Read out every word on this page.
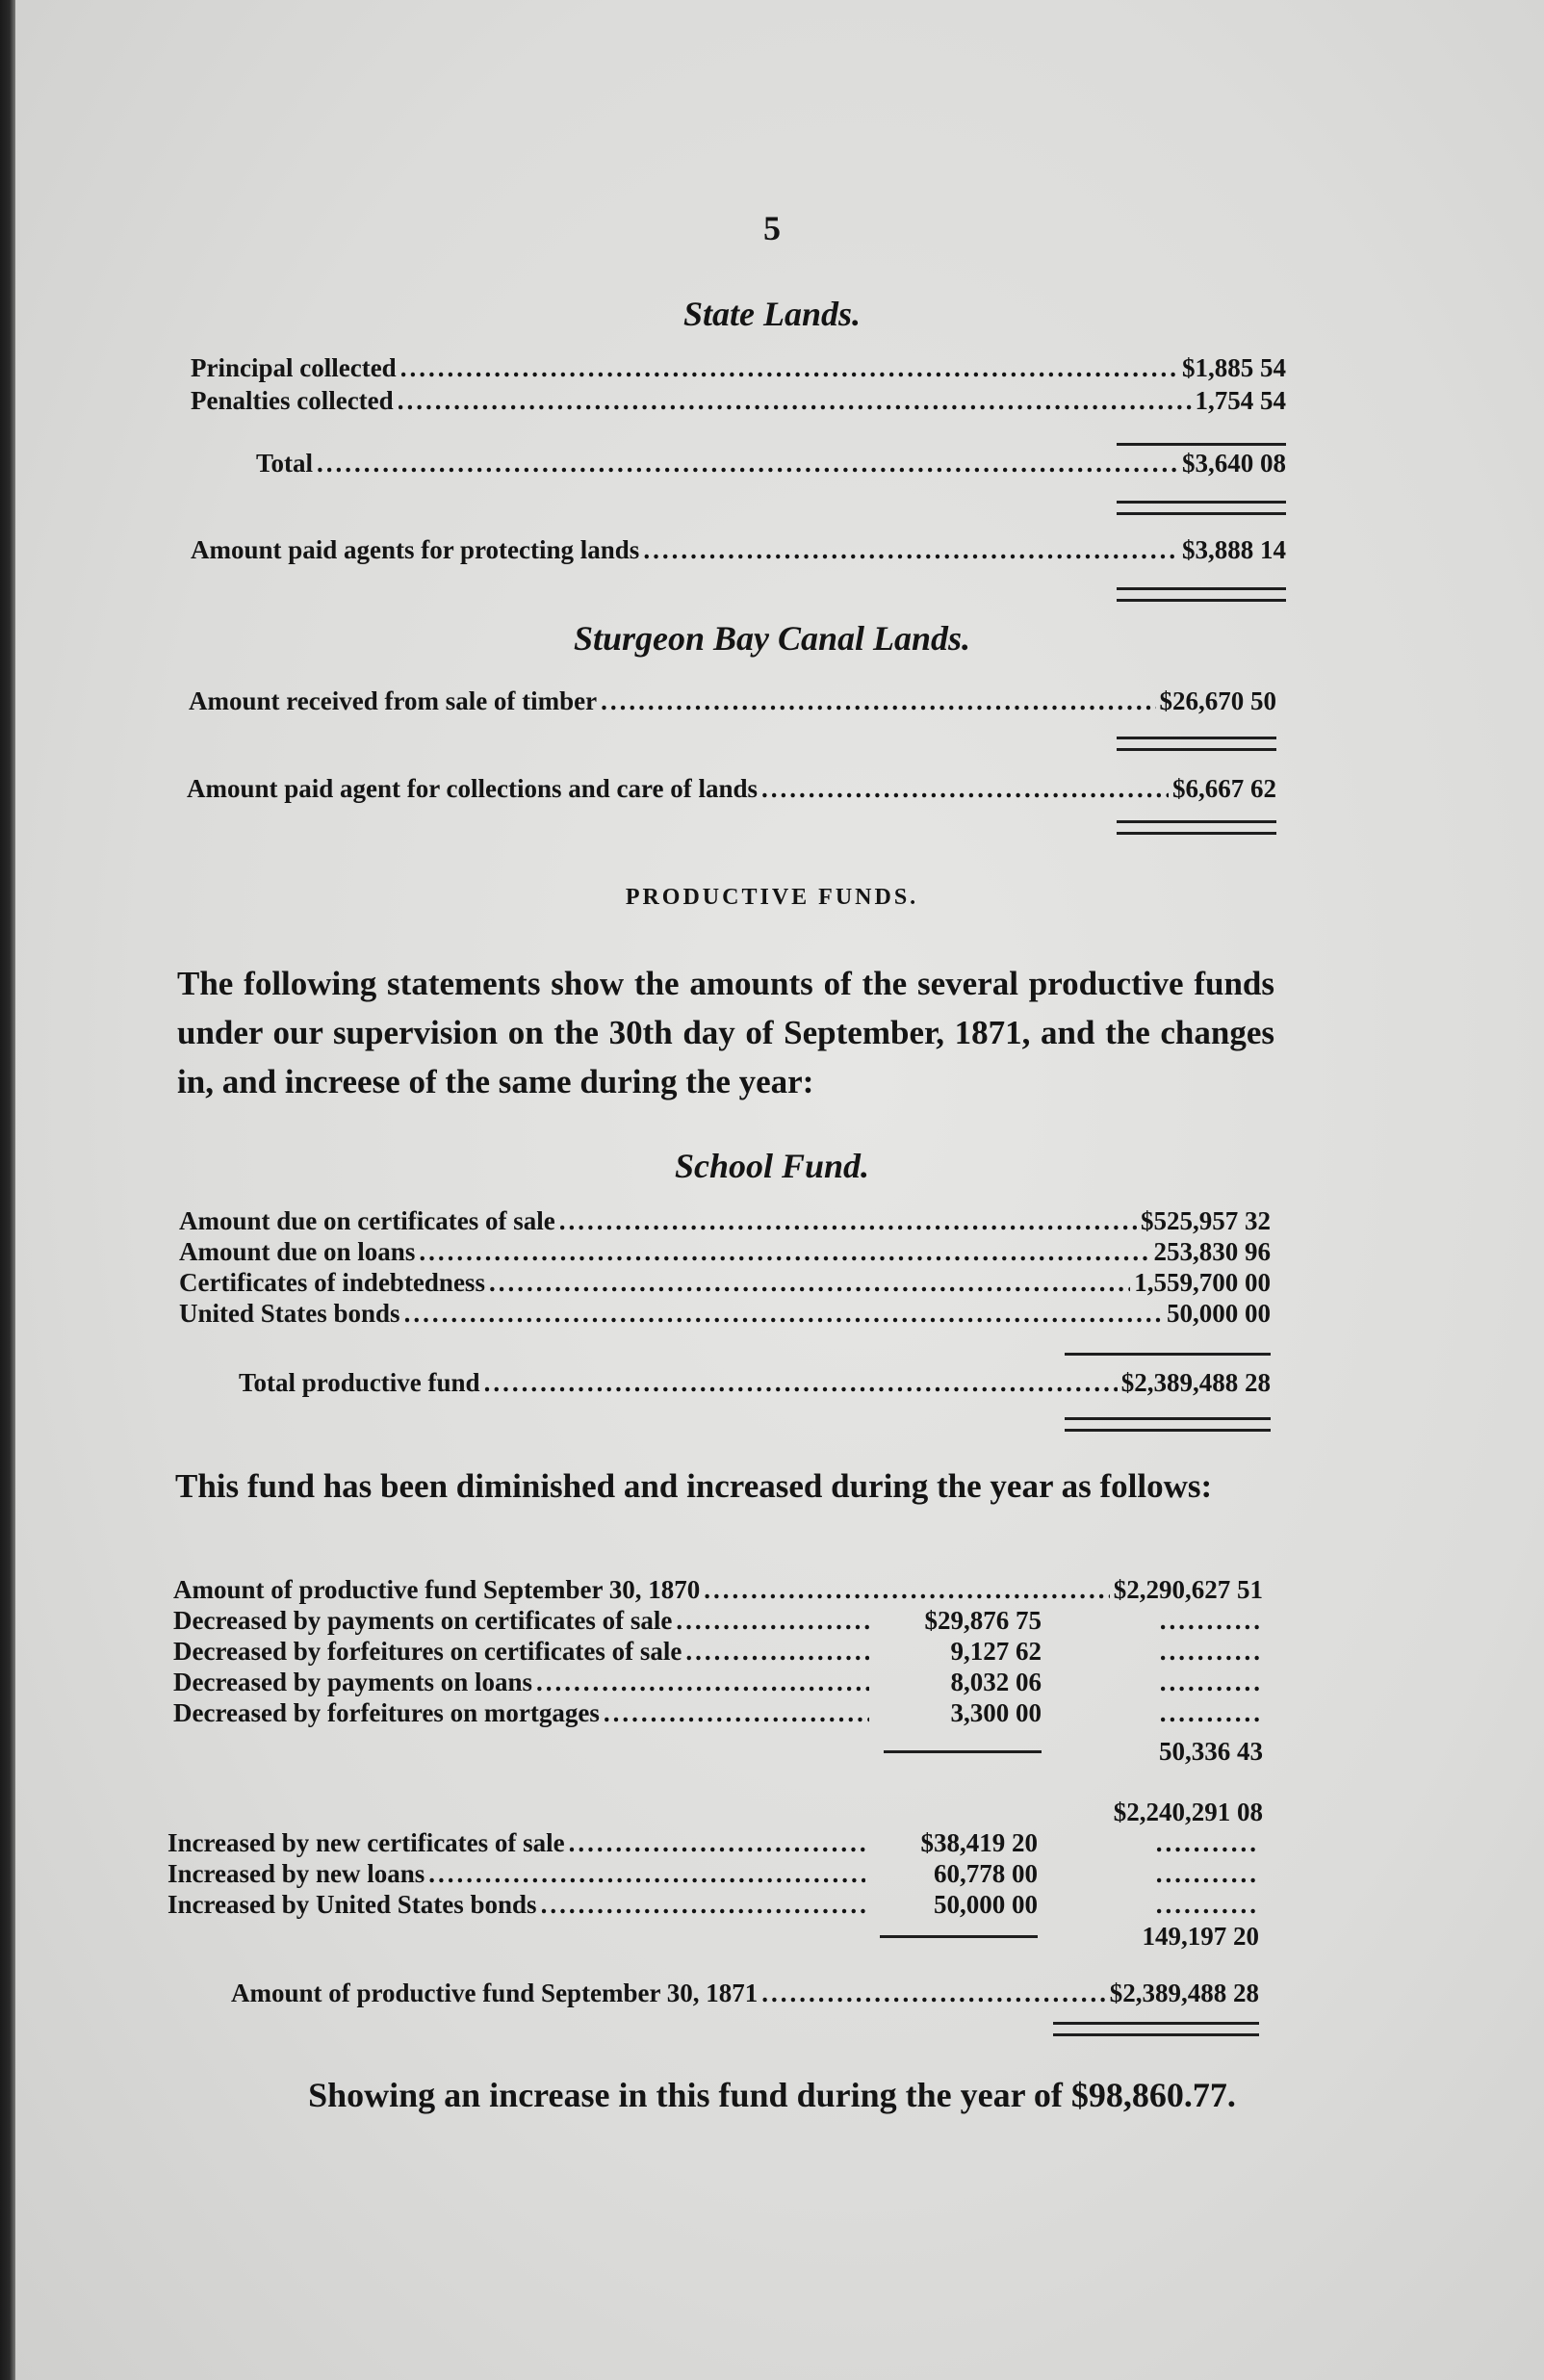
5
State Lands.
Principal collected .....	$1,885 54
Penalties collected .....	1,754 54
Total .....	$3,640 08
Amount paid agents for protecting lands .....	$3,888 14
Sturgeon Bay Canal Lands.
Amount received from sale of timber .....	$26,670 50
Amount paid agent for collections and care of lands .....	$6,667 62
PRODUCTIVE FUNDS.
The following statements show the amounts of the several productive funds under our supervision on the 30th day of September, 1871, and the changes in, and increese of the same during the year:
School Fund.
Amount due on certificates of sale .....	$525,957 32
Amount due on loans .....	253,830 96
Certificates of indebtedness .....	1,559,700 00
United States bonds .....	50,000 00
Total productive fund .....	$2,389,488 28
This fund has been diminished and increased during the year as follows:
Amount of productive fund September 30, 1870 .....	$2,290,627 51
Decreased by payments on certificates of sale .....	$29,876 75
.....
Decreased by forfeitures on certificates of sale .....	9,127 62
.....
Decreased by payments on loans .....	8,032 06
.....
Decreased by forfeitures on mortgages .....	3,300 00
.....
50,336 43
$2,240,291 08
Increased by new certificates of sale .....	$38,419 20
.....
Increased by new loans .....	60,778 00
.....
Increased by United States bonds .....	50,000 00
.....
149,197 20
Amount of productive fund September 30, 1871 .....	$2,389,488 28
Showing an increase in this fund during the year of $98,860.77.
